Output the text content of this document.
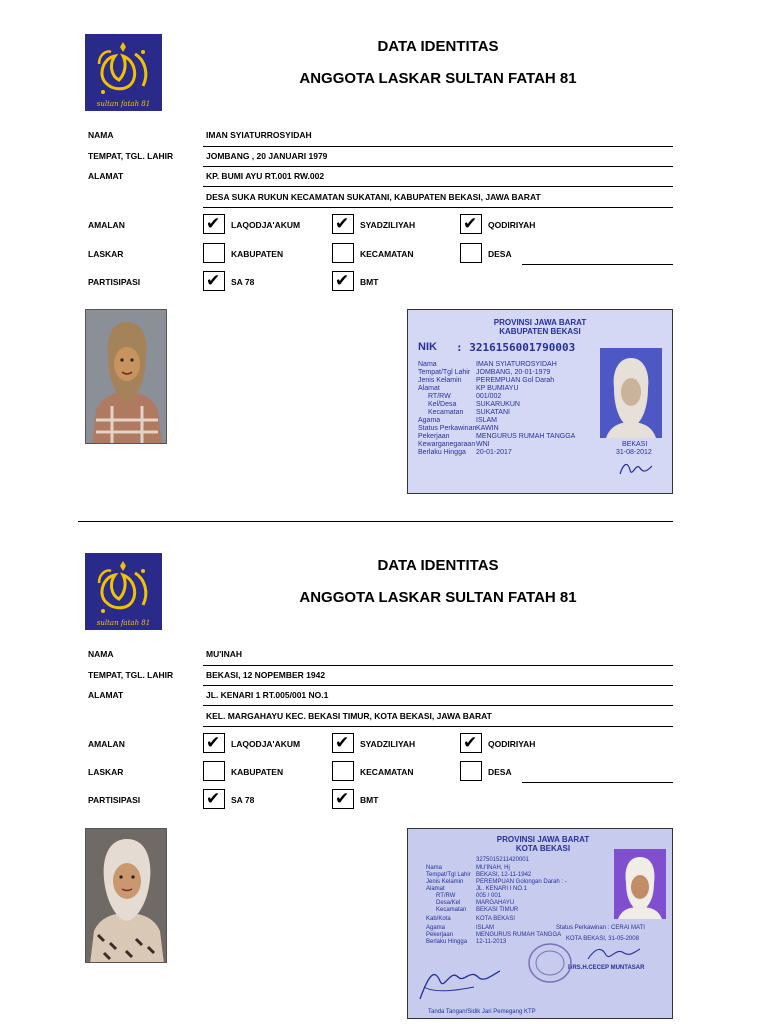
sultan fatah 81
DATA IDENTITAS
ANGGOTA LASKAR SULTAN FATAH 81
NAMA	IMAN SYIATURROSYIDAH
TEMPAT, TGL. LAHIR	JOMBANG , 20 JANUARI 1979
ALAMAT	KP. BUMI AYU RT.001 RW.002
DESA SUKA RUKUN KECAMATAN SUKATANI, KABUPATEN BEKASI, JAWA BARAT
AMALAN	✔ LAQODJA'AKUM ✔ SYADZILIYAH	✔ QODIRIYAH
LASKAR	KABUPATEN	KECAMATAN	DESA
PARTISIPASI	✔ SA 78	✔ BMT
PROVINSI JAWA BARAT
KABUPATEN BEKASI
NIK : 3216156001790003
Nama	IMAN SYIATUROSYIDAH
Tempat/Tgl Lahir JOMBANG, 20-01-1979
Jenis Kelamin PEREMPUAN Gol Darah
Alamat	KP BUMIAYU
RT/RW	001/002
Kel/Desa	SUKARUKUN
Kecamatan SUKATANI
Agama	ISLAM
Status Perkawinan KAWIN
Pekerjaan	MENGURUS RUMAH TANGGA
Kewarganegaraan WNI
Berlaku Hingga 20-01-2017
BEKASI
31-08-2012
sultan fatah 81
DATA IDENTITAS
ANGGOTA LASKAR SULTAN FATAH 81
NAMA	MU'INAH
TEMPAT, TGL. LAHIR	BEKASI, 12 NOPEMBER 1942
ALAMAT	JL. KENARI 1 RT.005/001 NO.1
KEL. MARGAHAYU KEC. BEKASI TIMUR, KOTA BEKASI, JAWA BARAT
AMALAN	✔ LAQODJA'AKUM ✔ SYADZILIYAH	✔ QODIRIYAH
LASKAR	KABUPATEN	KECAMATAN	DESA
PARTISIPASI	✔ SA 78	✔ BMT
PROVINSI JAWA BARAT
KOTA BEKASI
3275015211420001
Nama	MU'INAH, Hj
Tempat/Tgl Lahir BEKASI, 12-11-1942
Jenis Kelamin PEREMPUAN Golongan Darah : -
Alamat	JL. KENARI I NO.1
RT/RW	005 / 001
Desa/Kel	MARGAHAYU
Kecamatan BEKASI TIMUR
Kab/Kota	KOTA BEKASI
Agama	ISLAM
Pekerjaan	MENGURUS RUMAH TANGGA
Berlaku Hingga 12-11-2013
Status Perkawinan : CERAI MATI
KOTA BEKASI, 31-05-2008
DRS.H.CECEP MUNTASAR
Tanda Tangan/Sidik Jari Pemegang KTP
